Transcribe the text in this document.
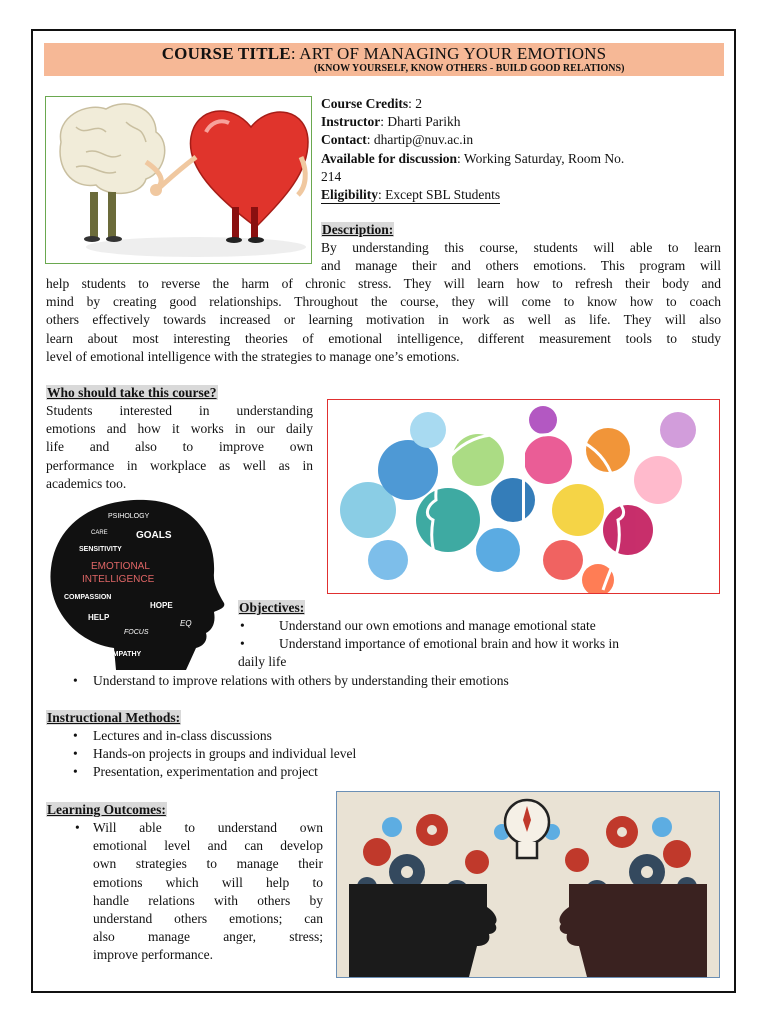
COURSE TITLE: ART OF MANAGING YOUR EMOTIONS
(KNOW YOURSELF, KNOW OTHERS - BUILD GOOD RELATIONS)
Course Credits: 2
Instructor: Dharti Parikh
Contact: dhartip@nuv.ac.in
Available for discussion: Working Saturday, Room No.
214
Eligibility: Except SBL Students
Description:
By understanding this course, students will able to learn
and manage their and others emotions. This program will
help students to reverse the harm of chronic stress. They will learn how to refresh their body and
mind by creating good relationships. Throughout the course, they will come to know how to coach
others effectively towards increased or learning motivation in work as well as life. They will also
learn about most interesting theories of emotional intelligence, different measurement tools to study
level of emotional intelligence with the strategies to manage one’s emotions.
Who should take this course?
Students interested in understanding
emotions and how it works in our daily
life and also to improve own
performance in workplace as well as in
academics too.
PSIHOLOGY
CARE	GOALS
SENSITIVITY
EMOTIONAL
INTELLIGENCE
COMPASSION
HOPE
HELP
EQ
FOCUS
EMPATHY
Objectives:
•	Understand our own emotions and manage emotional state
•	Understand importance of emotional brain and how it works in
daily life
• Understand to improve relations with others by understanding their emotions
Instructional Methods:
• Lectures and in-class discussions
• Hands-on projects in groups and individual level
• Presentation, experimentation and project
Learning Outcomes:
• Will able to understand own
emotional level and can develop
own strategies to manage their
emotions which will help to
handle relations with others by
understand others emotions; can
also manage anger, stress;
improve performance.
